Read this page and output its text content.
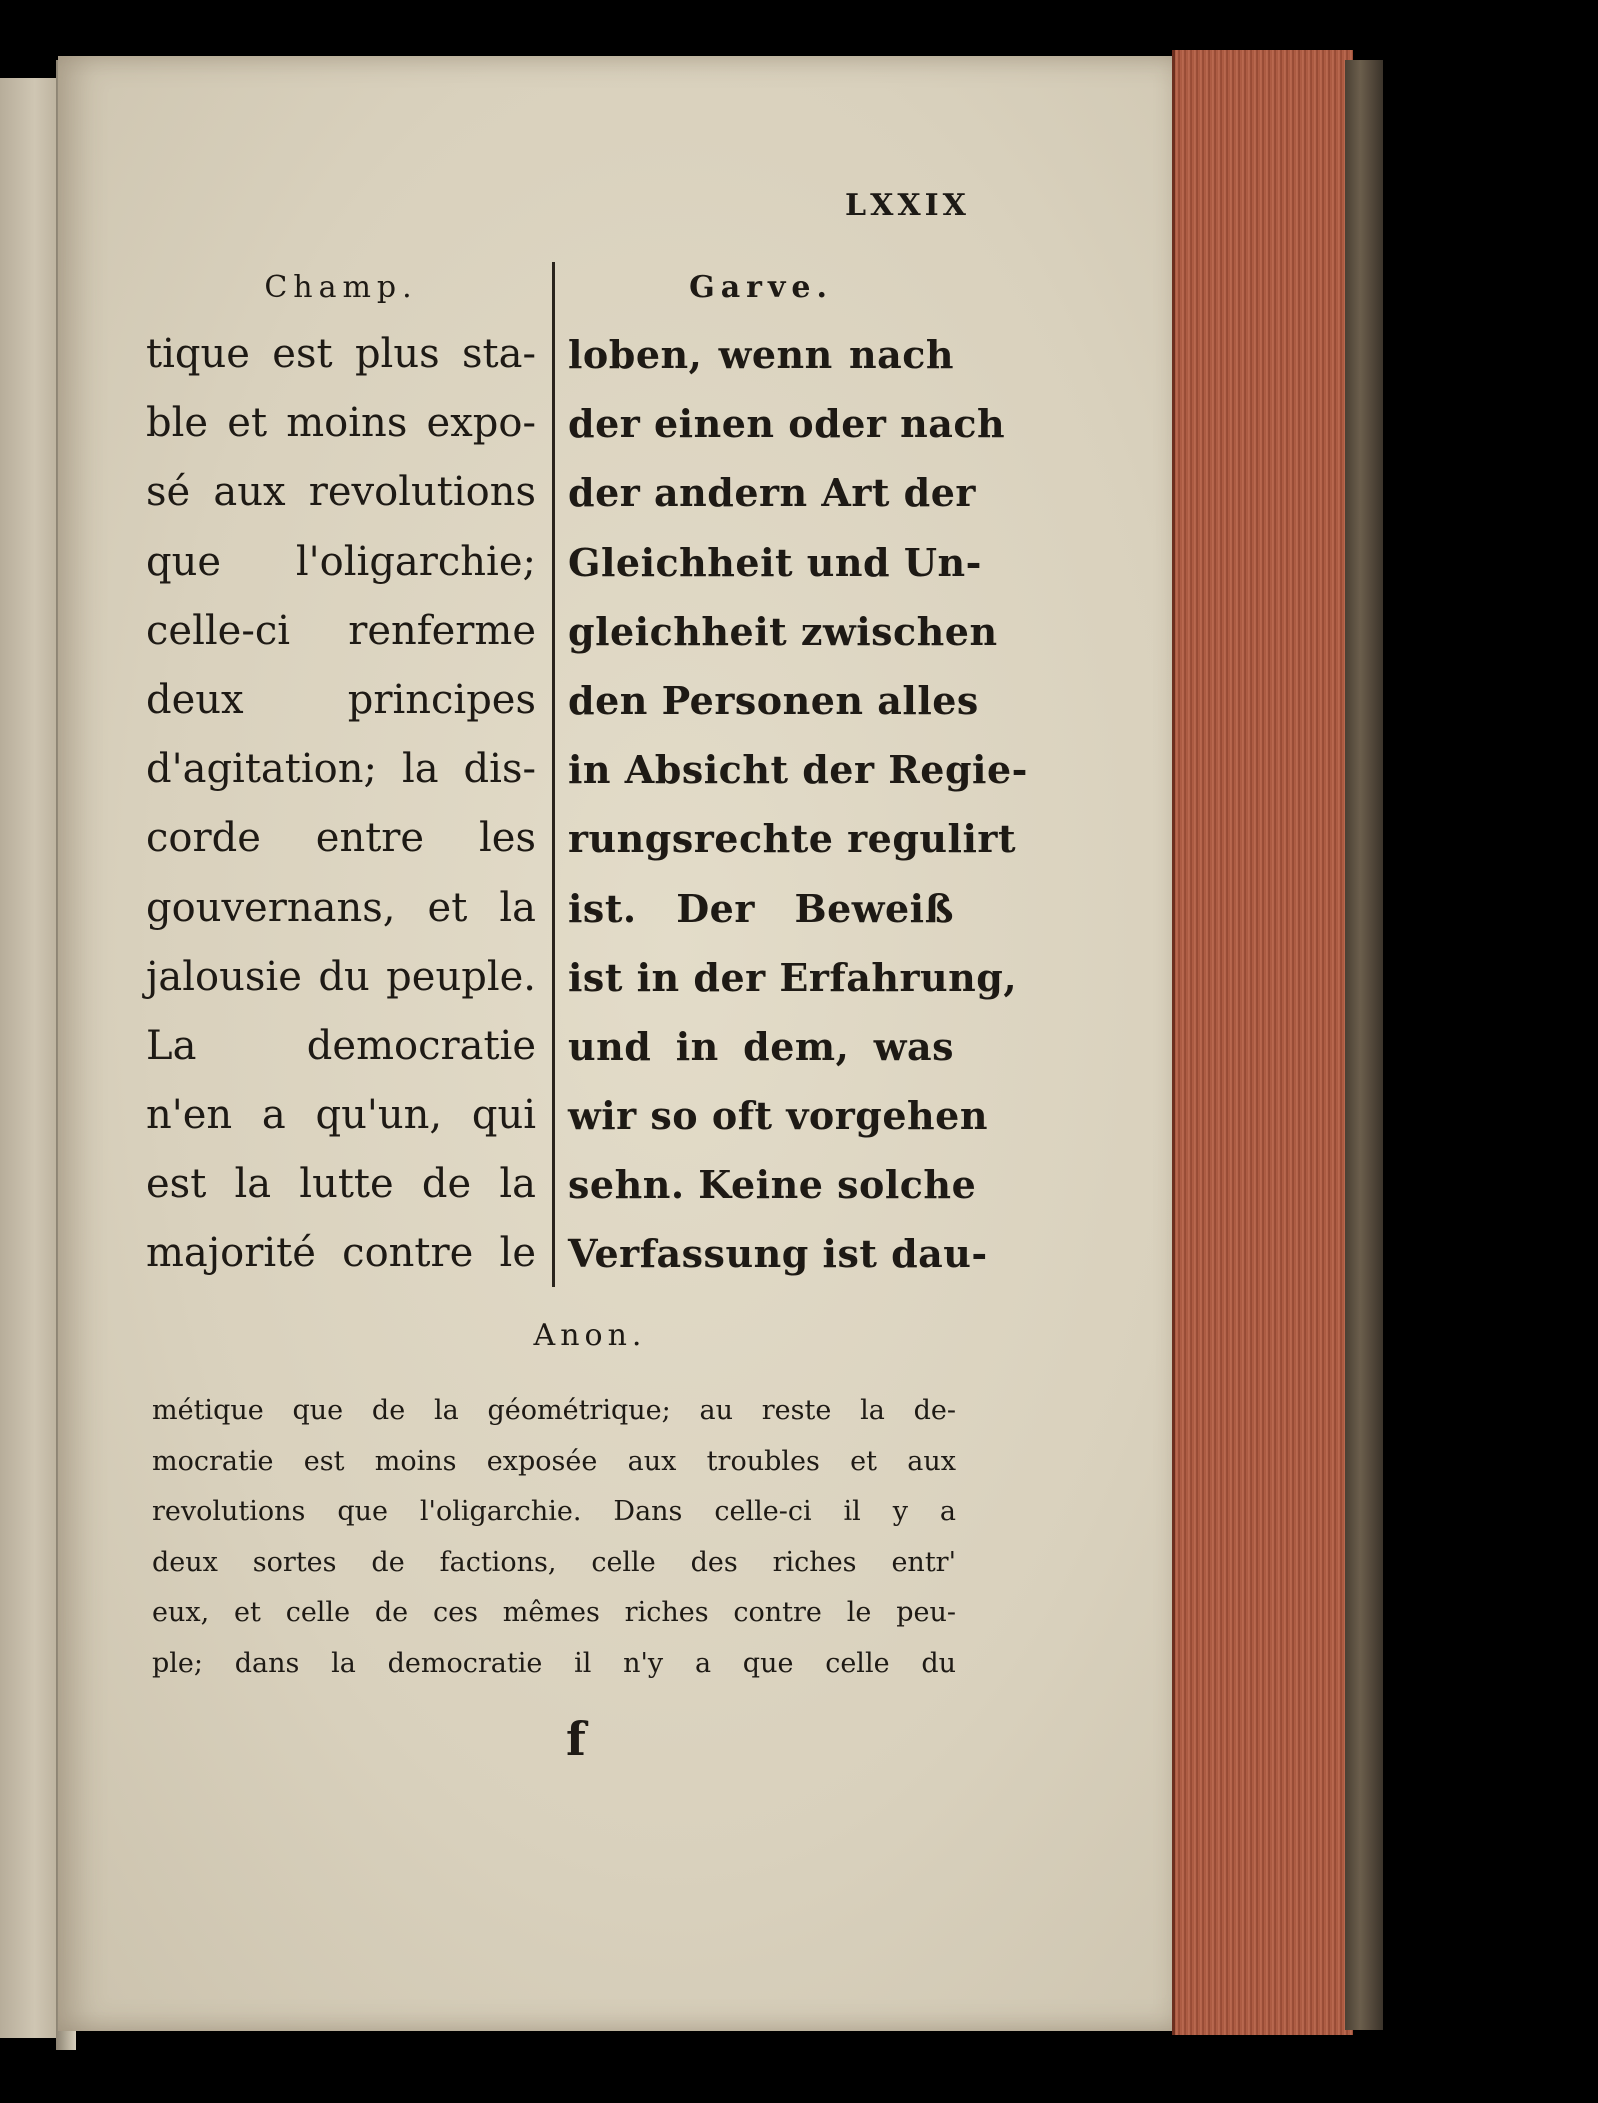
LXXIX
Champ.
tique est plus sta-
ble et moins expo-
sé aux revolutions
que l'oligarchie;
celle-ci renferme
deux principes
d'agitation; la dis-
corde entre les
gouvernans, et la
jalousie du peuple.
La democratie
n'en a qu'un, qui
est la lutte de la
majorité contre le
Garve.
loben, wenn nach
der einen oder nach
der andern Art der
Gleichheit und Un-
gleichheit zwischen
den Personen alles
in Absicht der Regie-
rungsrechte regulirt
ist. Der Beweiß
ist in der Erfahrung,
und in dem, was
wir so oft vorgehen
sehn. Keine solche
Verfassung ist dau-
Anon.
métique que de la géométrique; au reste la de-
mocratie est moins exposée aux troubles et aux
revolutions que l'oligarchie. Dans celle-ci il y a
deux sortes de factions, celle des riches entr'
eux, et celle de ces mêmes riches contre le peu-
ple; dans la democratie il n'y a que celle du
f
